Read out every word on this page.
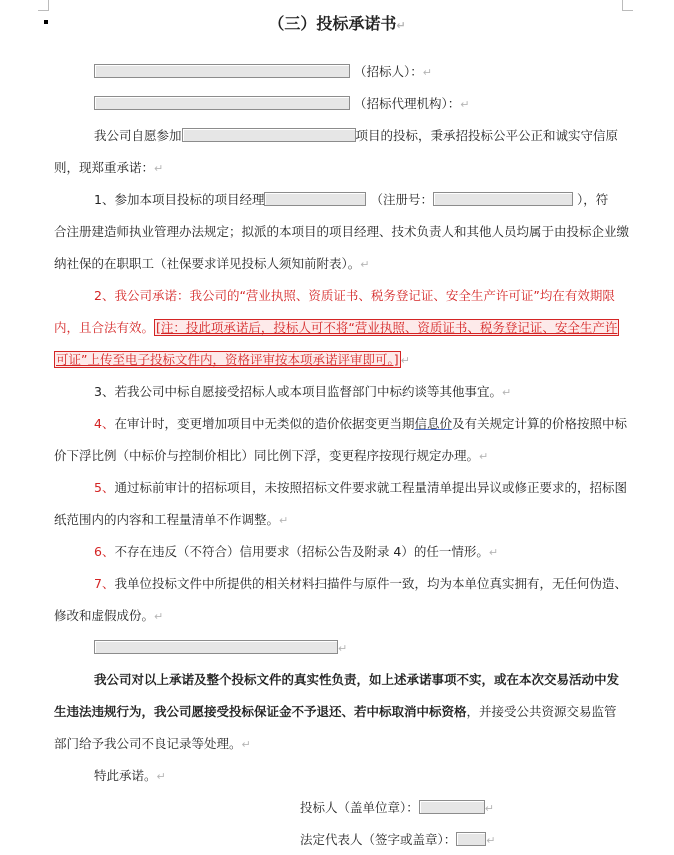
（三）投标承诺书↵
（招标人）：↵
（招标代理机构）：↵
我公司自愿参加	项目的投标，秉承招投标公平公正和诚实守信原
则，现郑重承诺：↵
1、参加本项目投标的项目经理	（注册号：	），符
合注册建造师执业管理办法规定；拟派的本项目的项目经理、技术负责人和其他人员均属于由投标企业缴
纳社保的在职职工（社保要求详见投标人须知前附表）。↵
2、我公司承诺：我公司的“营业执照、资质证书、税务登记证、安全生产许可证”均在有效期限
内，且合法有效。 [注：投此项承诺后，投标人可不将“营业执照、资质证书、税务登记证、安全生产许
可证”上传至电子投标文件内，资格评审按本项承诺评审即可。] ↵
3、若我公司中标自愿接受招标人或本项目监督部门中标约谈等其他事宜。↵
4、在审计时，变更增加项目中无类似的造价依据变更当期信息价及有关规定计算的价格按照中标
价下浮比例（中标价与控制价相比）同比例下浮，变更程序按现行规定办理。↵
5、通过标前审计的招标项目，未按照招标文件要求就工程量清单提出异议或修正要求的，招标图
纸范围内的内容和工程量清单不作调整。↵
6、不存在违反（不符合）信用要求（招标公告及附录 4）的任一情形。↵
7、我单位投标文件中所提供的相关材料扫描件与原件一致，均为本单位真实拥有，无任何伪造、
修改和虚假成份。↵
↵
我公司对以上承诺及整个投标文件的真实性负责，如上述承诺事项不实，或在本次交易活动中发
生违法违规行为，我公司愿接受投标保证金不予退还、若中标取消中标资格，并接受公共资源交易监管
部门给予我公司不良记录等处理。↵
特此承诺。↵
投标人（盖单位章）：	↵
法定代表人（签字或盖章）：	↵
